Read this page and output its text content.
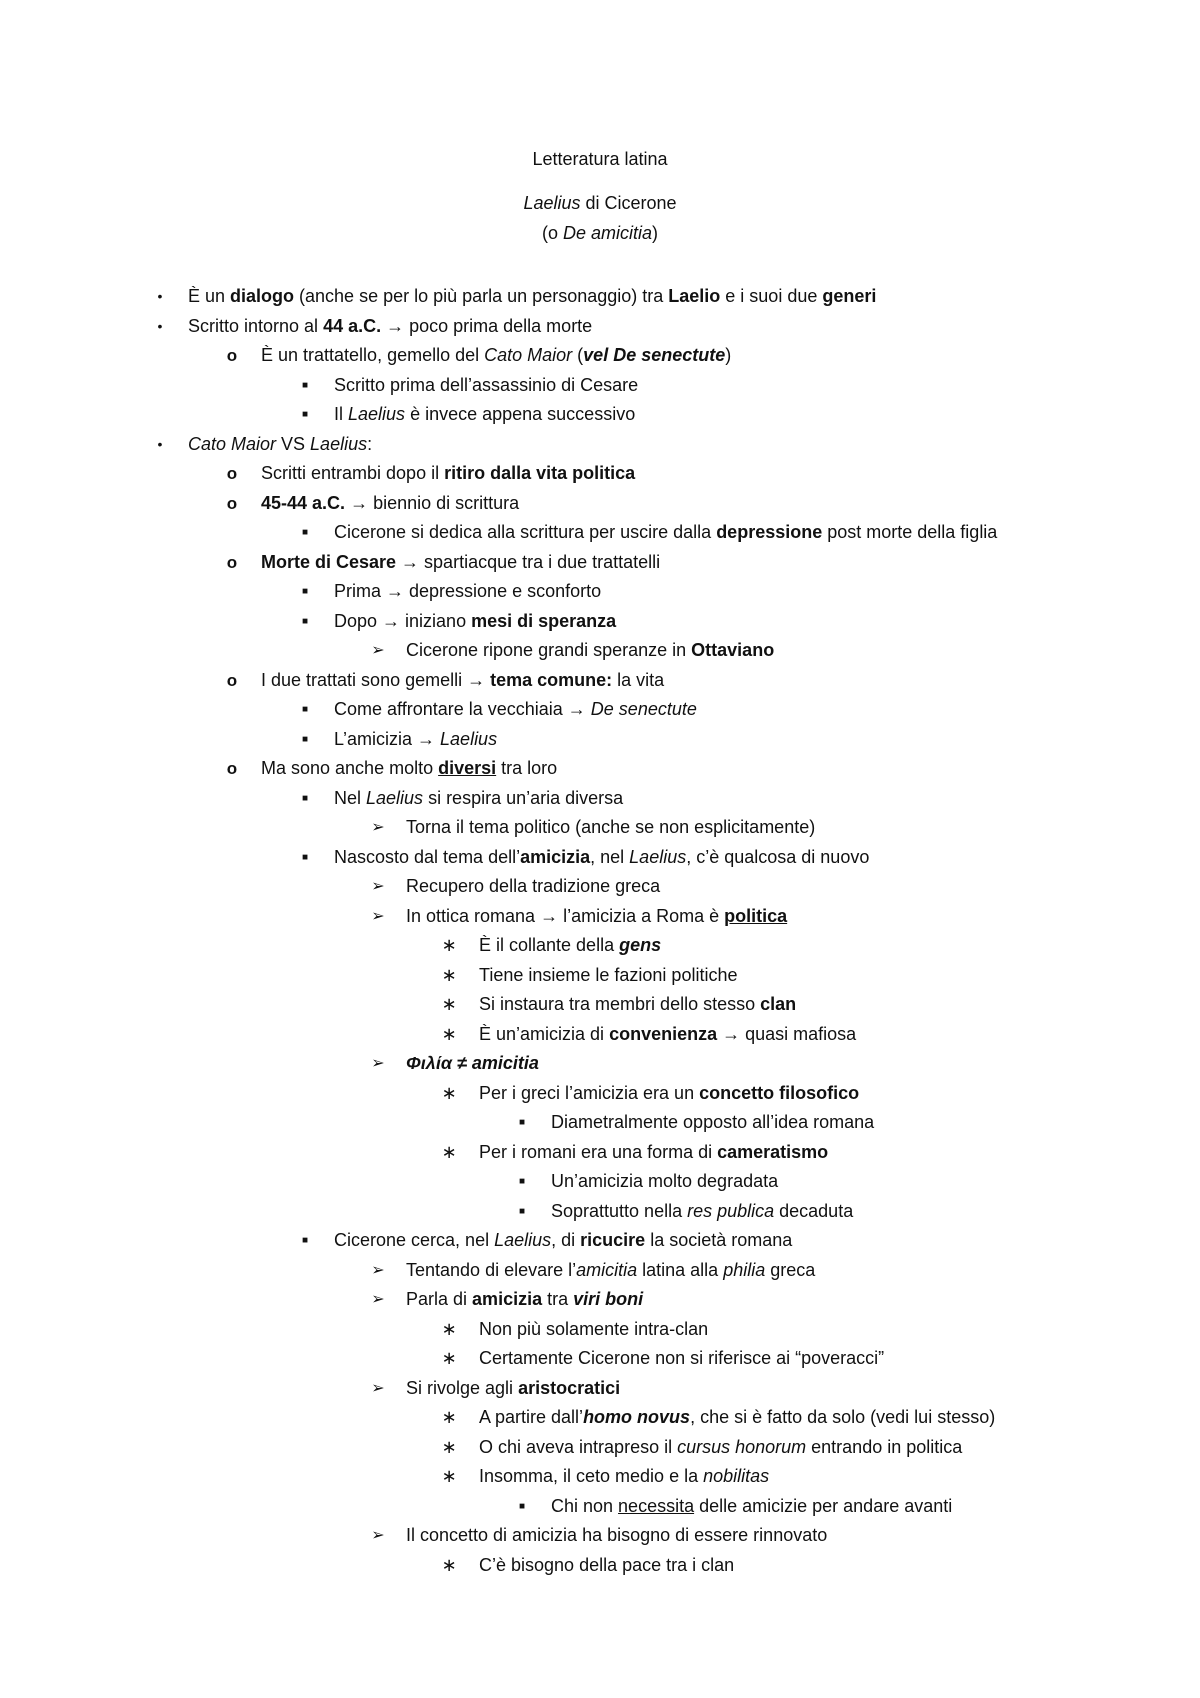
Letteratura latina
Laelius di Cicerone
(o De amicitia)
•	È un dialogo (anche se per lo più parla un personaggio) tra Laelio e i suoi due generi
•	Scritto intorno al 44 a.C. → poco prima della morte
o	È un trattatello, gemello del Cato Maior (vel De senectute)
■	Scritto prima dell’assassinio di Cesare
■	Il Laelius è invece appena successivo
•	Cato Maior VS Laelius:
o	Scritti entrambi dopo il ritiro dalla vita politica
o	45-44 a.C. → biennio di scrittura
■	Cicerone si dedica alla scrittura per uscire dalla depressione post morte della figlia
o	Morte di Cesare → spartiacque tra i due trattatelli
■	Prima → depressione e sconforto
■	Dopo → iniziano mesi di speranza
➢	Cicerone ripone grandi speranze in Ottaviano
o	I due trattati sono gemelli → tema comune: la vita
■	Come affrontare la vecchiaia → De senectute
■	L’amicizia → Laelius
o	Ma sono anche molto diversi tra loro
■	Nel Laelius si respira un’aria diversa
➢	Torna il tema politico (anche se non esplicitamente)
■	Nascosto dal tema dell’amicizia, nel Laelius, c’è qualcosa di nuovo
➢	Recupero della tradizione greca
➢	In ottica romana → l’amicizia a Roma è politica
∗	È il collante della gens
∗	Tiene insieme le fazioni politiche
∗	Si instaura tra membri dello stesso clan
∗	È un’amicizia di convenienza → quasi mafiosa
➢	Φιλία ≠ amicitia
∗	Per i greci l’amicizia era un concetto filosofico
■	Diametralmente opposto all’idea romana
∗	Per i romani era una forma di cameratismo
■	Un’amicizia molto degradata
■	Soprattutto nella res publica decaduta
■	Cicerone cerca, nel Laelius, di ricucire la società romana
➢	Tentando di elevare l’amicitia latina alla philia greca
➢	Parla di amicizia tra viri boni
∗	Non più solamente intra-clan
∗	Certamente Cicerone non si riferisce ai “poveracci”
➢	Si rivolge agli aristocratici
∗	A partire dall’homo novus, che si è fatto da solo (vedi lui stesso)
∗	O chi aveva intrapreso il cursus honorum entrando in politica
∗	Insomma, il ceto medio e la nobilitas
■	Chi non necessita delle amicizie per andare avanti
➢	Il concetto di amicizia ha bisogno di essere rinnovato
∗	C’è bisogno della pace tra i clan
